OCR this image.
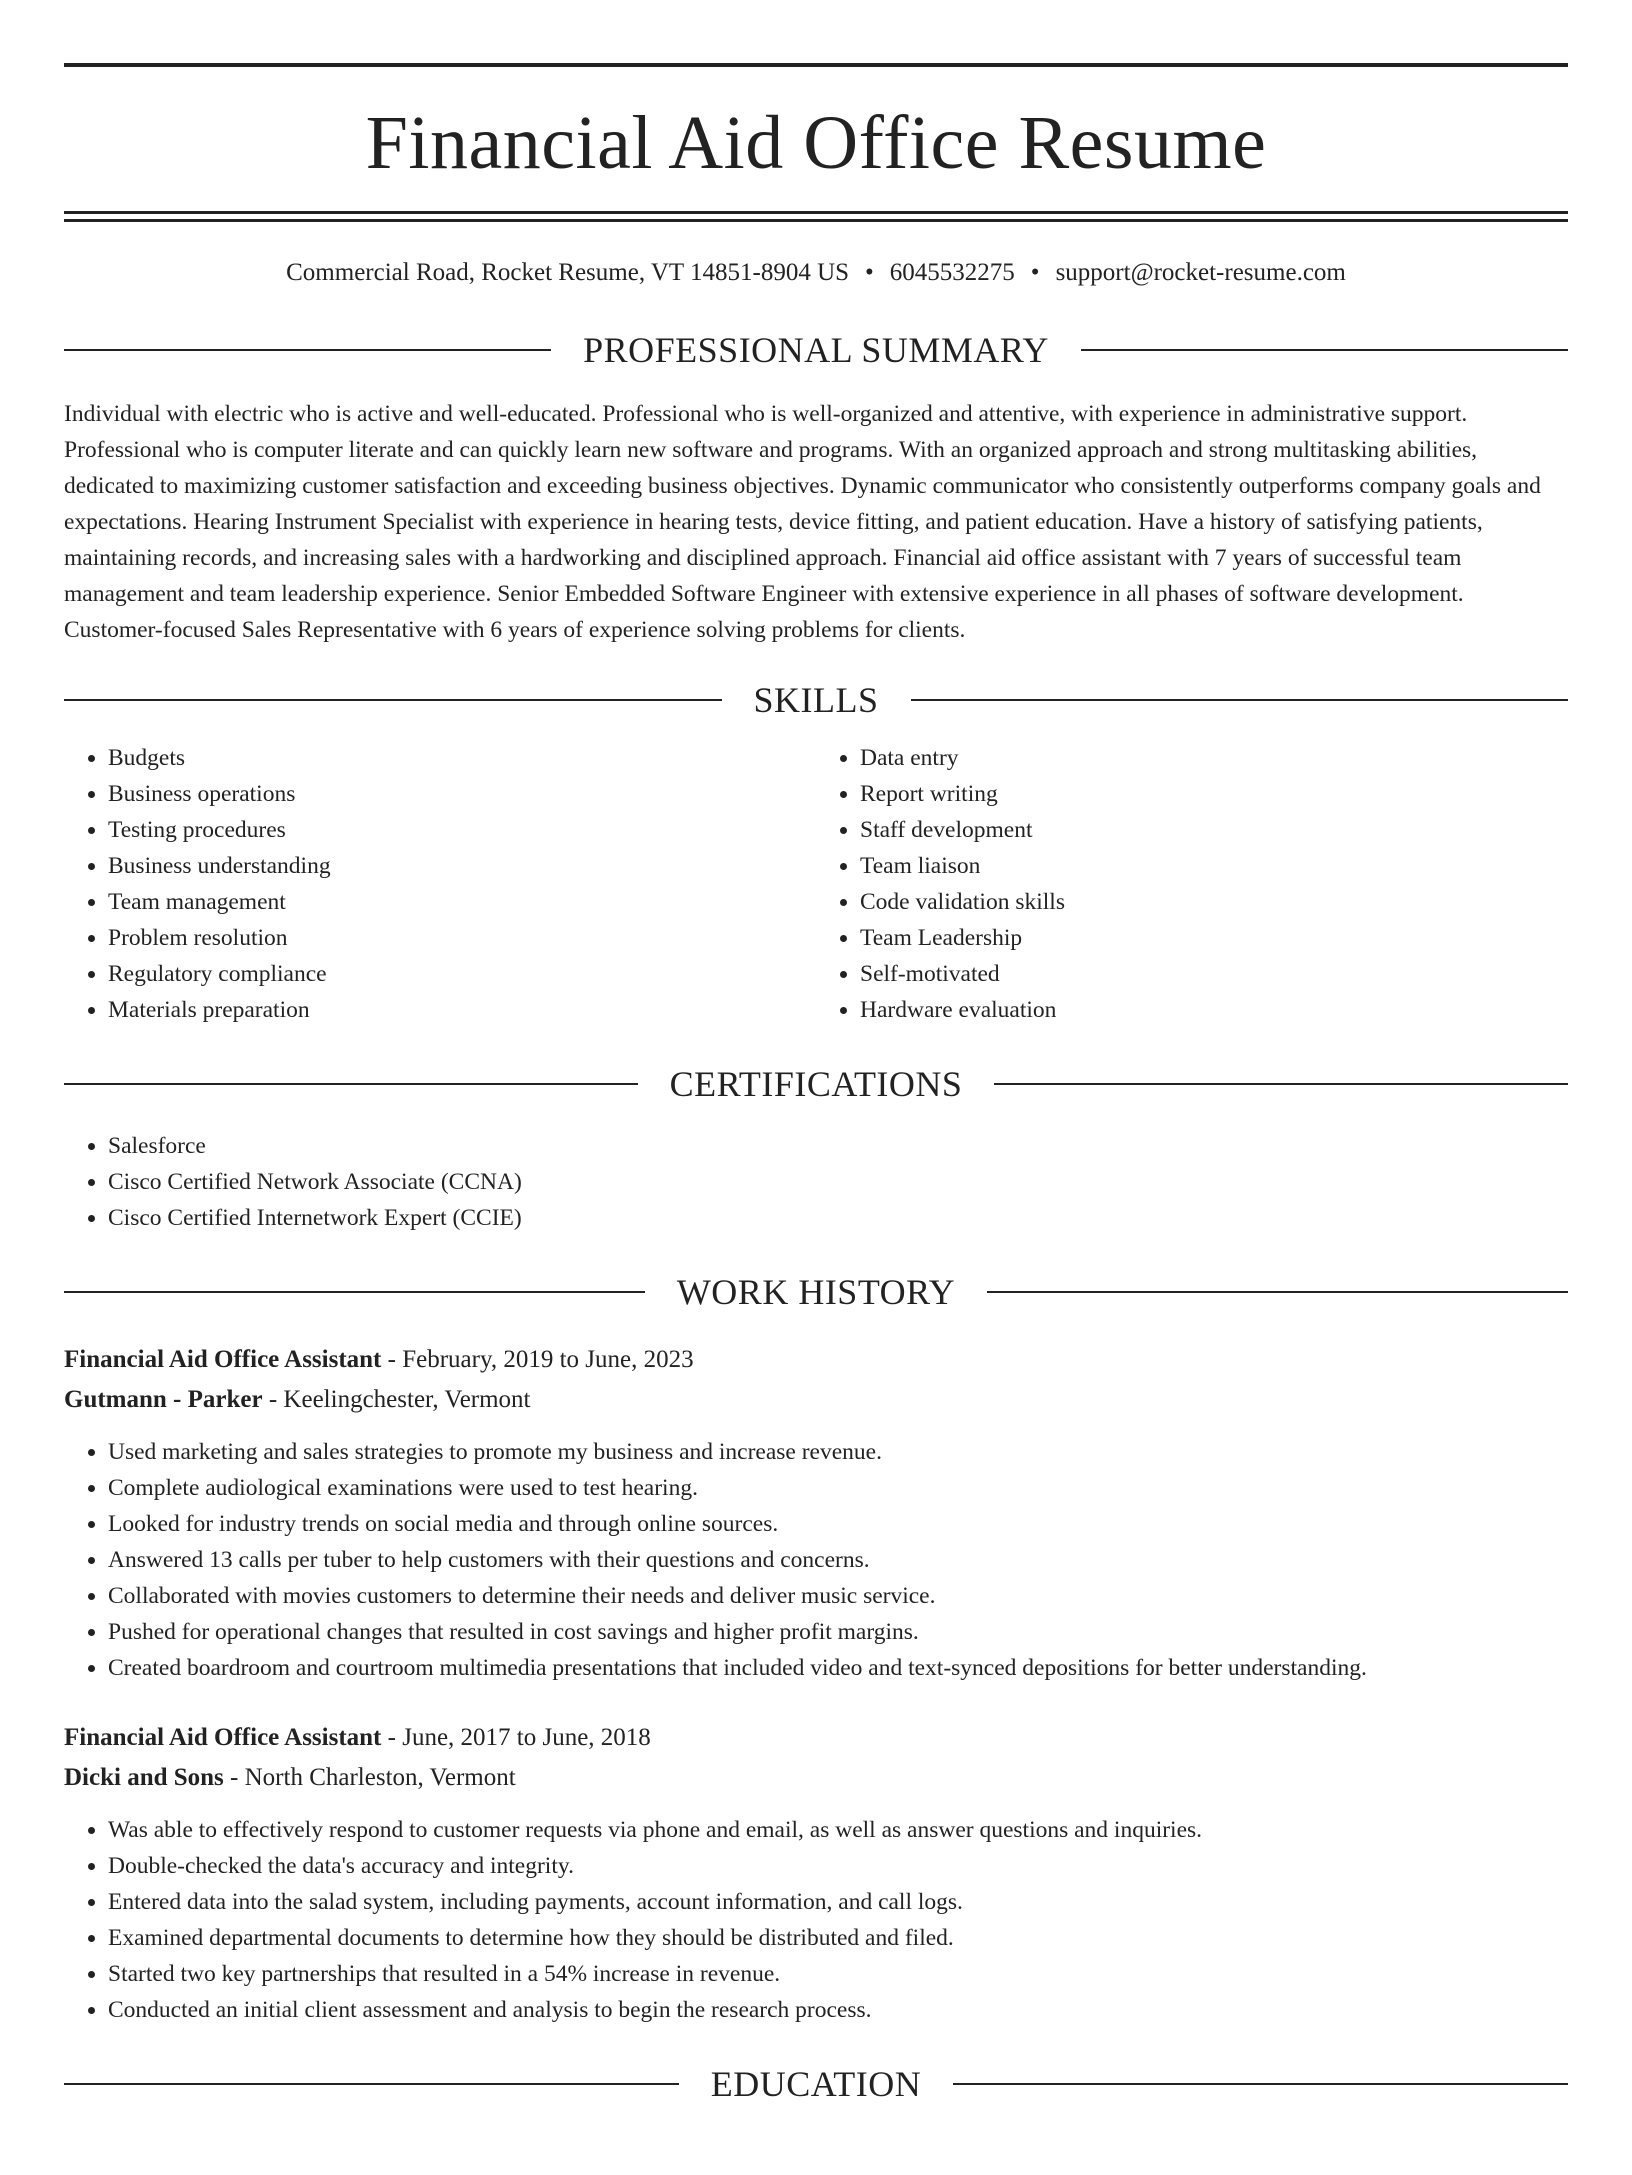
Financial Aid Office Resume
Commercial Road, Rocket Resume, VT 14851-8904 US • 6045532275 • support@rocket-resume.com
PROFESSIONAL SUMMARY

Individual with electric who is active and well-educated. Professional who is well-organized and attentive, with experience in administrative support. Professional who is computer literate and can quickly learn new software and programs. With an organized approach and strong multitasking abilities, dedicated to maximizing customer satisfaction and exceeding business objectives. Dynamic communicator who consistently outperforms company goals and expectations. Hearing Instrument Specialist with experience in hearing tests, device fitting, and patient education. Have a history of satisfying patients, maintaining records, and increasing sales with a hardworking and disciplined approach. Financial aid office assistant with 7 years of successful team management and team leadership experience. Senior Embedded Software Engineer with extensive experience in all phases of software development. Customer-focused Sales Representative with 6 years of experience solving problems for clients.

SKILLS
• Budgets
• Business operations
• Testing procedures
• Business understanding
• Team management
• Problem resolution
• Regulatory compliance
• Materials preparation
• Data entry
• Report writing
• Staff development
• Team liaison
• Code validation skills
• Team Leadership
• Self-motivated
• Hardware evaluation
CERTIFICATIONS
• Salesforce
• Cisco Certified Network Associate (CCNA)
• Cisco Certified Internetwork Expert (CCIE)
WORK HISTORY
Financial Aid Office Assistant - February, 2019 to June, 2023
Gutmann - Parker - Keelingchester, Vermont
• Used marketing and sales strategies to promote my business and increase revenue.
• Complete audiological examinations were used to test hearing.
• Looked for industry trends on social media and through online sources.
• Answered 13 calls per tuber to help customers with their questions and concerns.
• Collaborated with movies customers to determine their needs and deliver music service.
• Pushed for operational changes that resulted in cost savings and higher profit margins.
• Created boardroom and courtroom multimedia presentations that included video and text-synced depositions for better understanding.
Financial Aid Office Assistant - June, 2017 to June, 2018
Dicki and Sons - North Charleston, Vermont
• Was able to effectively respond to customer requests via phone and email, as well as answer questions and inquiries.
• Double-checked the data's accuracy and integrity.
• Entered data into the salad system, including payments, account information, and call logs.
• Examined departmental documents to determine how they should be distributed and filed.
• Started two key partnerships that resulted in a 54% increase in revenue.
• Conducted an initial client assessment and analysis to begin the research process.
EDUCATION
